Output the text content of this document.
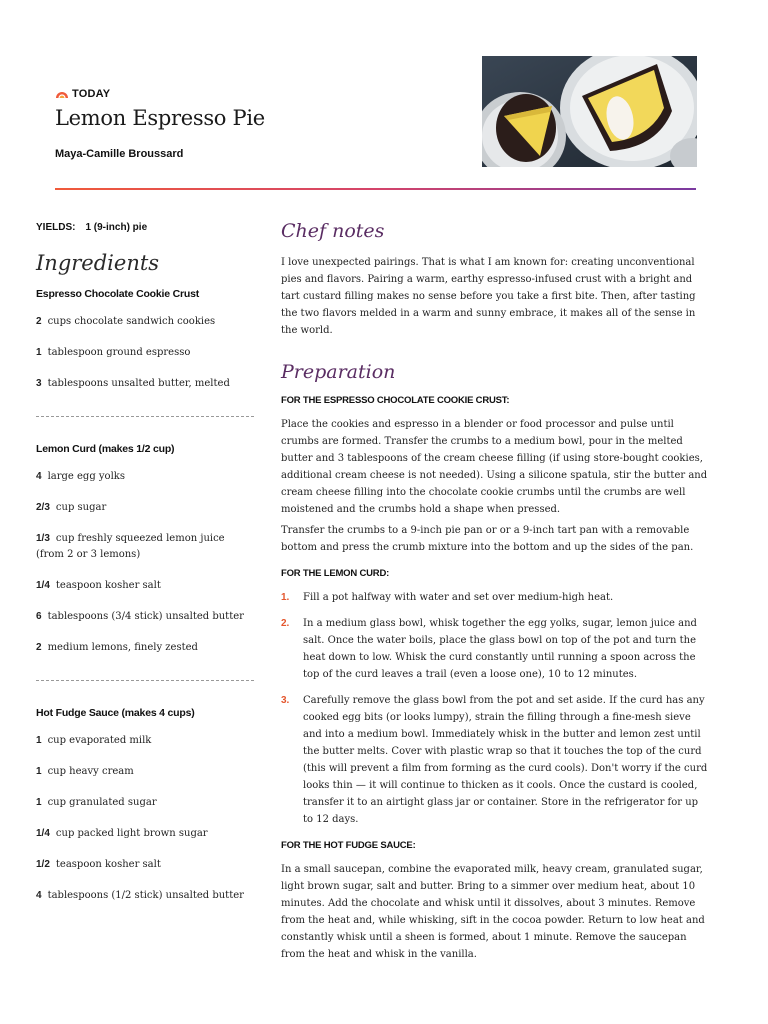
TODAY
Lemon Espresso Pie
Maya-Camille Broussard
YIELDS: 1 (9-inch) pie
Ingredients
Espresso Chocolate Cookie Crust
2 cups chocolate sandwich cookies
1 tablespoon ground espresso
3 tablespoons unsalted butter, melted
Lemon Curd (makes 1/2 cup)
4 large egg yolks
2/3 cup sugar
1/3 cup freshly squeezed lemon juice (from 2 or 3 lemons)
1/4 teaspoon kosher salt
6 tablespoons (3/4 stick) unsalted butter
2 medium lemons, finely zested
Hot Fudge Sauce (makes 4 cups)
1 cup evaporated milk
1 cup heavy cream
1 cup granulated sugar
1/4 cup packed light brown sugar
1/2 teaspoon kosher salt
4 tablespoons (1/2 stick) unsalted butter
Chef notes

I love unexpected pairings. That is what I am known for: creating unconventional pies and flavors. Pairing a warm, earthy espresso-infused crust with a bright and tart custard filling makes no sense before you take a first bite. Then, after tasting the two flavors melded in a warm and sunny embrace, it makes all of the sense in the world.

Preparation
FOR THE ESPRESSO CHOCOLATE COOKIE CRUST:

Place the cookies and espresso in a blender or food processor and pulse until crumbs are formed. Transfer the crumbs to a medium bowl, pour in the melted butter and 3 tablespoons of the cream cheese filling (if using store-bought cookies, additional cream cheese is not needed). Using a silicone spatula, stir the butter and cream cheese filling into the chocolate cookie crumbs until the crumbs are well moistened and the crumbs hold a shape when pressed.

Transfer the crumbs to a 9-inch pie pan or or a 9-inch tart pan with a removable bottom and press the crumb mixture into the bottom and up the sides of the pan.

FOR THE LEMON CURD:
1.	Fill a pot halfway with water and set over medium-high heat.
2.	In a medium glass bowl, whisk together the egg yolks, sugar, lemon juice and salt. Once the water boils, place the glass bowl on top of the pot and turn the heat down to low. Whisk the curd constantly until running a spoon across the top of the curd leaves a trail (even a loose one), 10 to 12 minutes.
3.	Carefully remove the glass bowl from the pot and set aside. If the curd has any cooked egg bits (or looks lumpy), strain the filling through a fine-mesh sieve and into a medium bowl. Immediately whisk in the butter and lemon zest until the butter melts. Cover with plastic wrap so that it touches the top of the curd (this will prevent a film from forming as the curd cools). Don't worry if the curd looks thin — it will continue to thicken as it cools. Once the custard is cooled, transfer it to an airtight glass jar or container. Store in the refrigerator for up to 12 days.
FOR THE HOT FUDGE SAUCE:

In a small saucepan, combine the evaporated milk, heavy cream, granulated sugar, light brown sugar, salt and butter. Bring to a simmer over medium heat, about 10 minutes. Add the chocolate and whisk until it dissolves, about 3 minutes. Remove from the heat and, while whisking, sift in the cocoa powder. Return to low heat and constantly whisk until a sheen is formed, about 1 minute. Remove the saucepan from the heat and whisk in the vanilla.
